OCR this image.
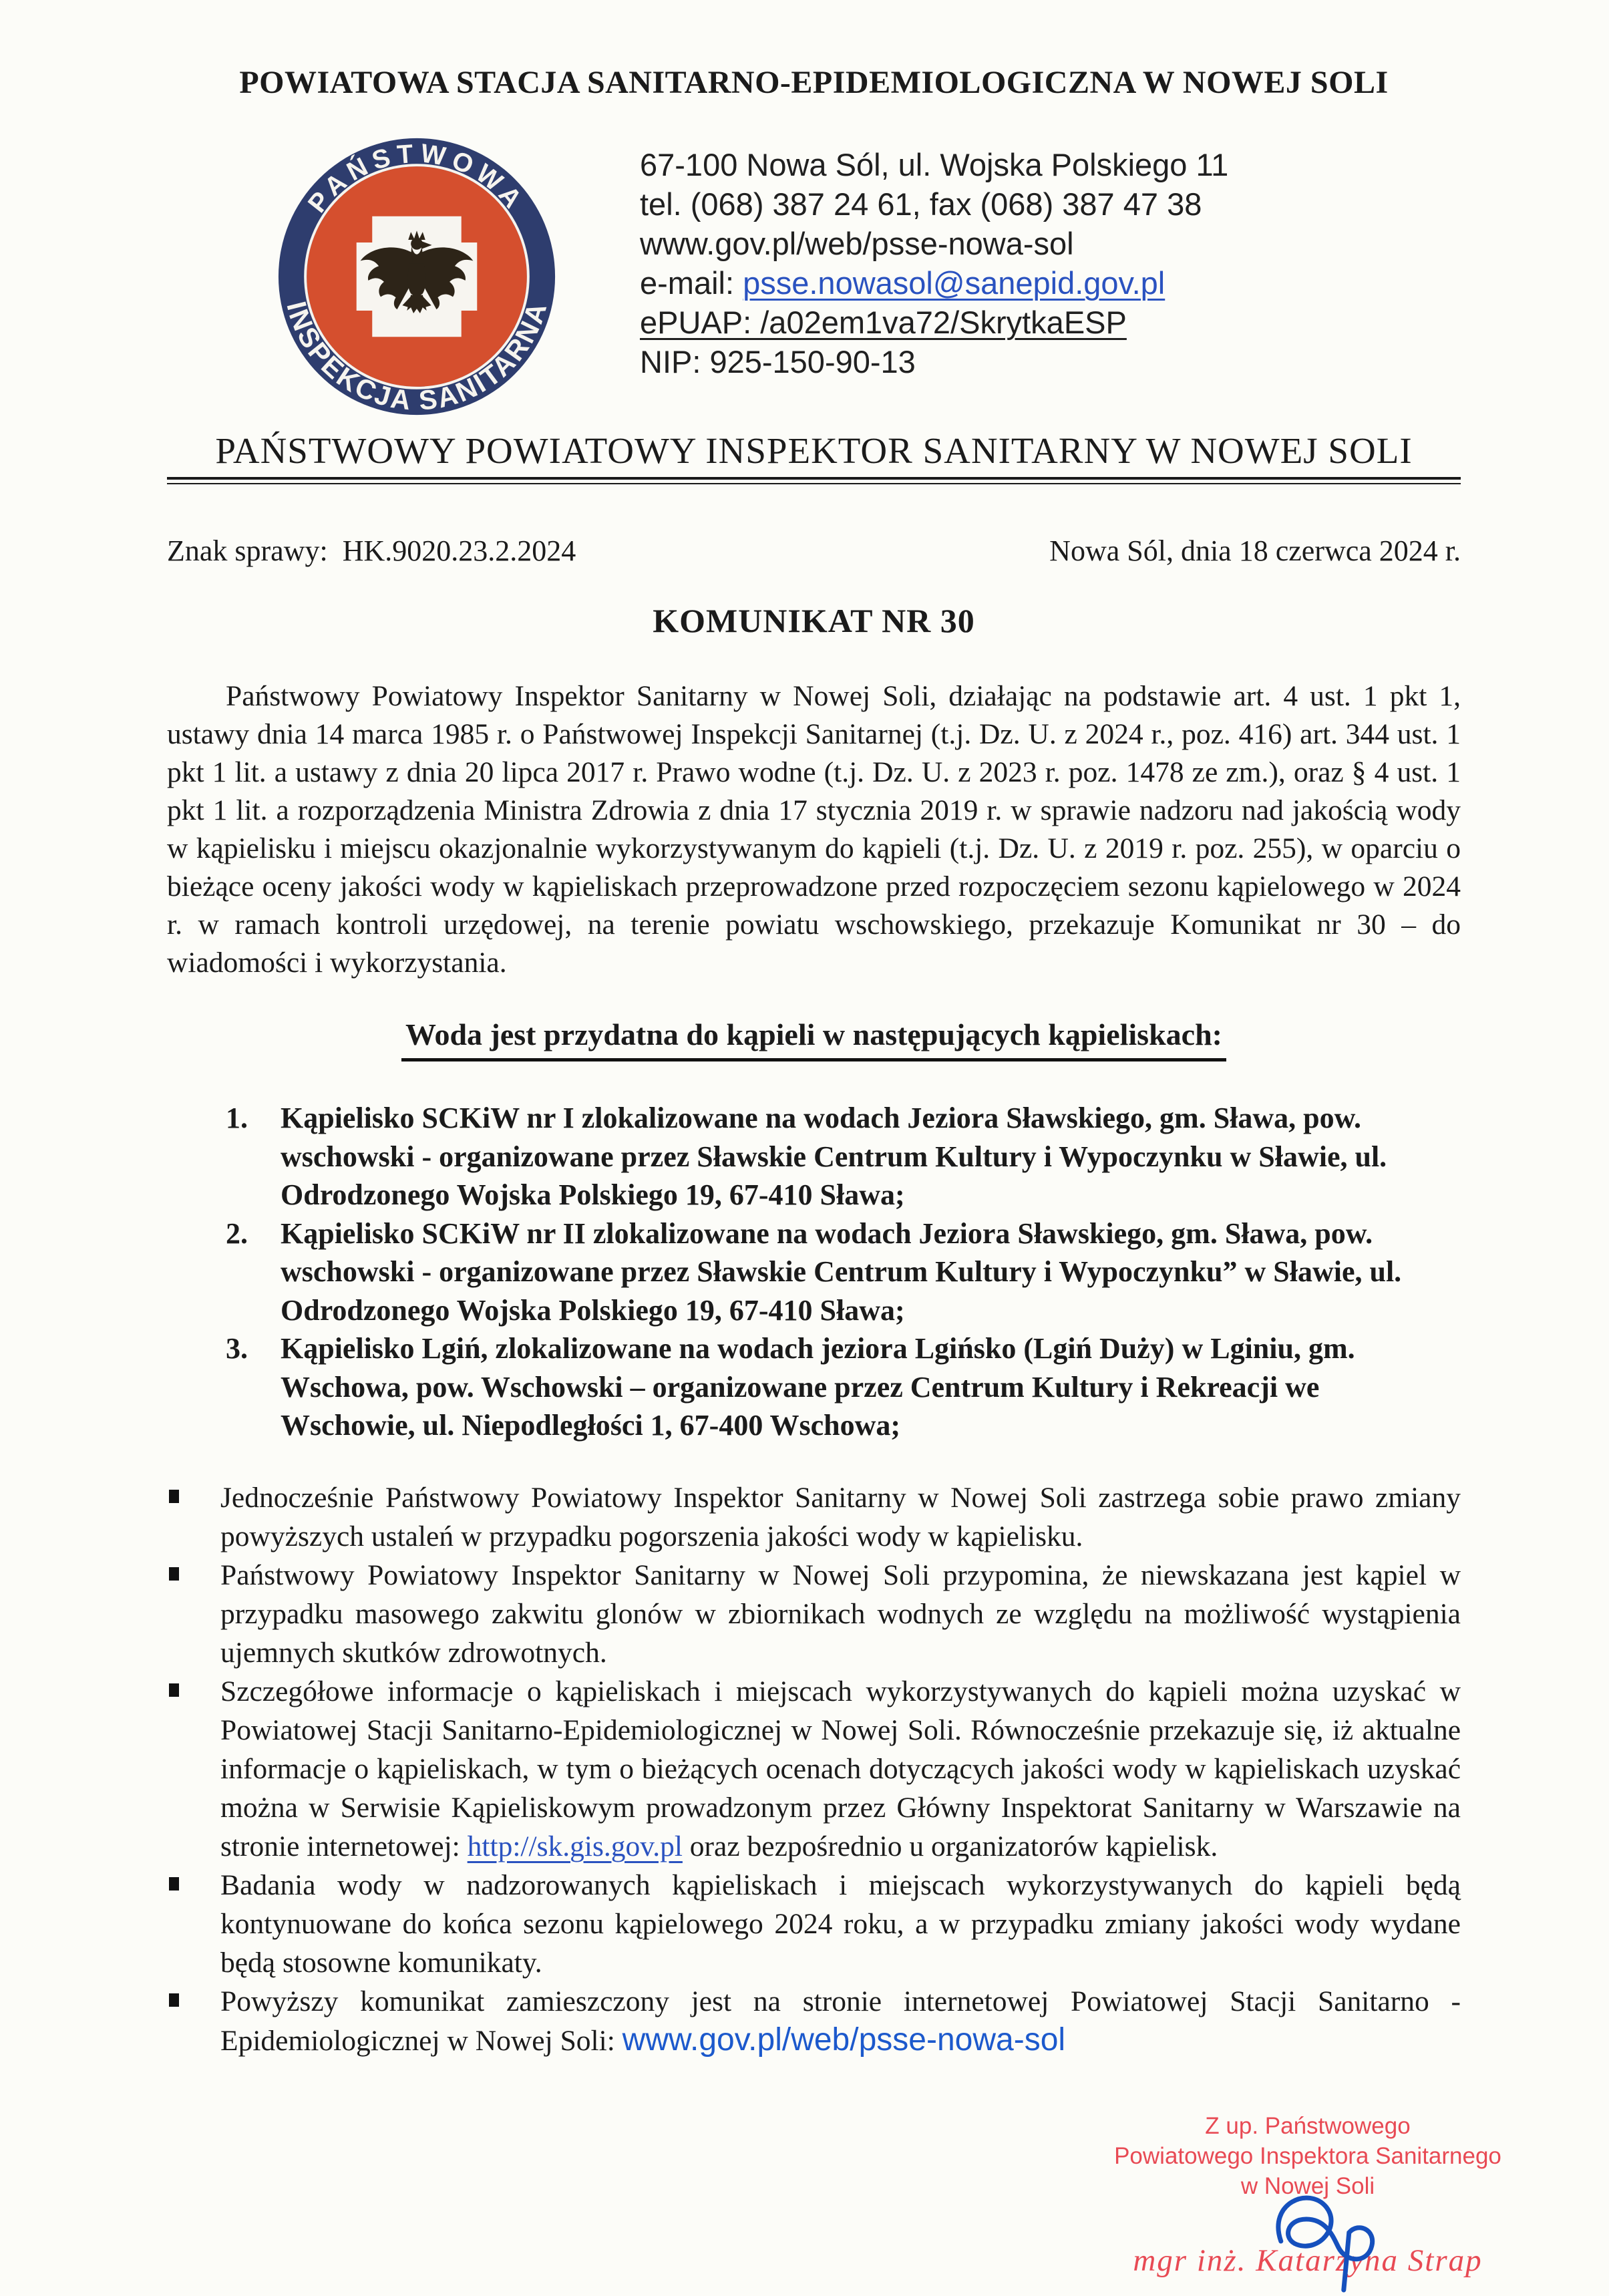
POWIATOWA STACJA SANITARNO-EPIDEMIOLOGICZNA W NOWEJ SOLI
PAŃSTWOWA
INSPEKCJA SANITARNA
67-100 Nowa Sól, ul. Wojska Polskiego 11
tel. (068) 387 24 61, fax (068) 387 47 38
www.gov.pl/web/psse-nowa-sol
e-mail: psse.nowasol@sanepid.gov.pl
ePUAP: /a02em1va72/SkrytkaESP
NIP: 925-150-90-13
PAŃSTWOWY POWIATOWY INSPEKTOR SANITARNY W NOWEJ SOLI
Znak sprawy: HK.9020.23.2.2024	Nowa Sól, dnia 18 czerwca 2024 r.
KOMUNIKAT NR 30
Państwowy Powiatowy Inspektor Sanitarny w Nowej Soli, działając na podstawie art. 4 ust. 1 pkt 1, ustawy dnia 14 marca 1985 r. o Państwowej Inspekcji Sanitarnej (t.j. Dz. U. z 2024 r., poz. 416) art. 344 ust. 1 pkt 1 lit. a ustawy z dnia 20 lipca 2017 r. Prawo wodne (t.j. Dz. U. z 2023 r. poz. 1478 ze zm.), oraz § 4 ust. 1 pkt 1 lit. a rozporządzenia Ministra Zdrowia z dnia 17 stycznia 2019 r. w sprawie nadzoru nad jakością wody w kąpielisku i miejscu okazjonalnie wykorzystywanym do kąpieli (t.j. Dz. U. z 2019 r. poz. 255), w oparciu o bieżące oceny jakości wody w kąpieliskach przeprowadzone przed rozpoczęciem sezonu kąpielowego w 2024 r. w ramach kontroli urzędowej, na terenie powiatu wschowskiego, przekazuje Komunikat nr 30 – do wiadomości i wykorzystania.
Woda jest przydatna do kąpieli w następujących kąpieliskach:
Kąpielisko SCKiW nr I zlokalizowane na wodach Jeziora Sławskiego, gm. Sława, pow. wschowski - organizowane przez Sławskie Centrum Kultury i Wypoczynku w Sławie, ul. Odrodzonego Wojska Polskiego 19, 67-410 Sława;
Kąpielisko SCKiW nr II zlokalizowane na wodach Jeziora Sławskiego, gm. Sława, pow. wschowski - organizowane przez Sławskie Centrum Kultury i Wypoczynku” w Sławie, ul. Odrodzonego Wojska Polskiego 19, 67-410 Sława;
Kąpielisko Lgiń, zlokalizowane na wodach jeziora Lgińsko (Lgiń Duży) w Lginiu, gm. Wschowa, pow. Wschowski – organizowane przez Centrum Kultury i Rekreacji we Wschowie, ul. Niepodległości 1, 67-400 Wschowa;
Jednocześnie Państwowy Powiatowy Inspektor Sanitarny w Nowej Soli zastrzega sobie prawo zmiany powyższych ustaleń w przypadku pogorszenia jakości wody w kąpielisku.
Państwowy Powiatowy Inspektor Sanitarny w Nowej Soli przypomina, że niewskazana jest kąpiel w przypadku masowego zakwitu glonów w zbiornikach wodnych ze względu na możliwość wystąpienia ujemnych skutków zdrowotnych.
Szczegółowe informacje o kąpieliskach i miejscach wykorzystywanych do kąpieli można uzyskać w Powiatowej Stacji Sanitarno-Epidemiologicznej w Nowej Soli. Równocześnie przekazuje się, iż aktualne informacje o kąpieliskach, w tym o bieżących ocenach dotyczących jakości wody w kąpieliskach uzyskać można w Serwisie Kąpieliskowym prowadzonym przez Główny Inspektorat Sanitarny w Warszawie na stronie internetowej: http://sk.gis.gov.pl oraz bezpośrednio u organizatorów kąpielisk.
Badania wody w nadzorowanych kąpieliskach i miejscach wykorzystywanych do kąpieli będą kontynuowane do końca sezonu kąpielowego 2024 roku, a w przypadku zmiany jakości wody wydane będą stosowne komunikaty.
Powyższy komunikat zamieszczony jest na stronie internetowej Powiatowej Stacji Sanitarno - Epidemiologicznej w Nowej Soli: www.gov.pl/web/psse-nowa-sol
Z up. Państwowego
Powiatowego Inspektora Sanitarnego
w Nowej Soli
mgr inż. Katarzyna Strap
